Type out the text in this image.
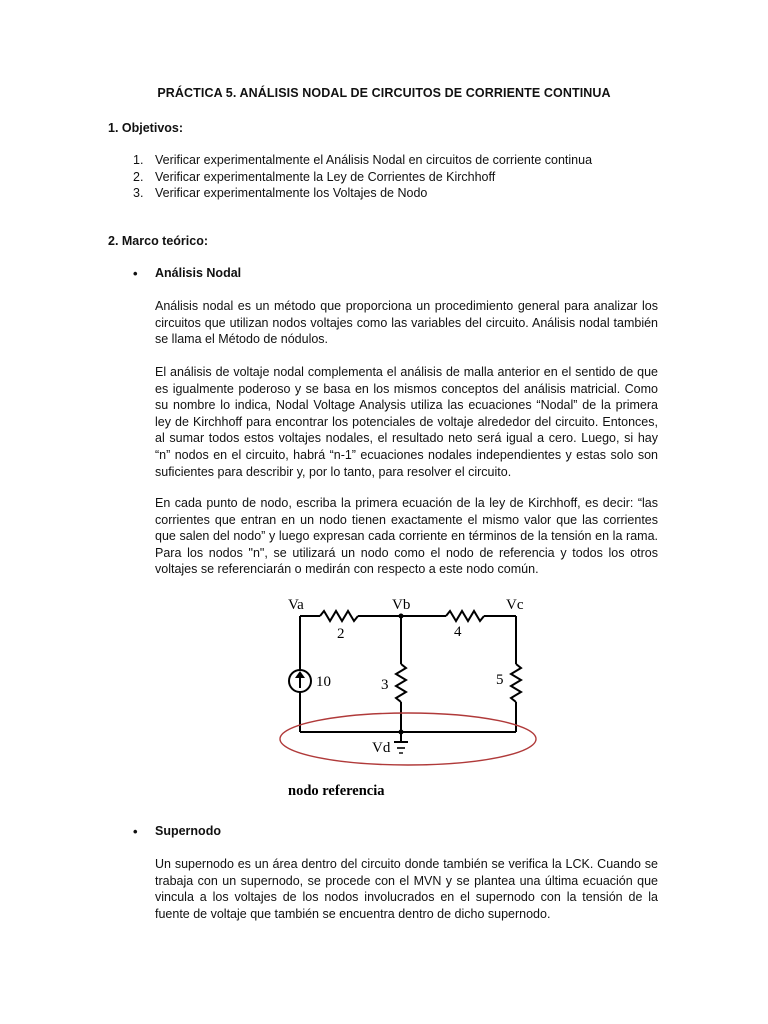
PRÁCTICA 5. ANÁLISIS NODAL DE CIRCUITOS DE CORRIENTE CONTINUA
1. Objetivos:
1. Verificar experimentalmente el Análisis Nodal en circuitos de corriente continua
2. Verificar experimentalmente la Ley de Corrientes de Kirchhoff
3. Verificar experimentalmente los Voltajes de Nodo
2. Marco teórico:
•	Análisis Nodal
Análisis nodal es un método que proporciona un procedimiento general para analizar los circuitos que utilizan nodos voltajes como las variables del circuito. Análisis nodal también se llama el Método de nódulos.
El análisis de voltaje nodal complementa el análisis de malla anterior en el sentido de que es igualmente poderoso y se basa en los mismos conceptos del análisis matricial. Como su nombre lo indica, Nodal Voltage Analysis utiliza las ecuaciones “Nodal” de la primera ley de Kirchhoff para encontrar los potenciales de voltaje alrededor del circuito. Entonces, al sumar todos estos voltajes nodales, el resultado neto será igual a cero. Luego, si hay “n” nodos en el circuito, habrá “n-1” ecuaciones nodales independientes y estas solo son suficientes para describir y, por lo tanto, para resolver el circuito.
En cada punto de nodo, escriba la primera ecuación de la ley de Kirchhoff, es decir: “las corrientes que entran en un nodo tienen exactamente el mismo valor que las corrientes que salen del nodo” y luego expresan cada corriente en términos de la tensión en la rama. Para los nodos "n", se utilizará un nodo como el nodo de referencia y todos los otros voltajes se referenciarán o medirán con respecto a este nodo común.
Va	Vb	Vc
Vd
2	4
3	5
10
nodo referencia
•	Supernodo
Un supernodo es un área dentro del circuito donde también se verifica la LCK. Cuando se trabaja con un supernodo, se procede con el MVN y se plantea una última ecuación que vincula a los voltajes de los nodos involucrados en el supernodo con la tensión de la fuente de voltaje que también se encuentra dentro de dicho supernodo.
